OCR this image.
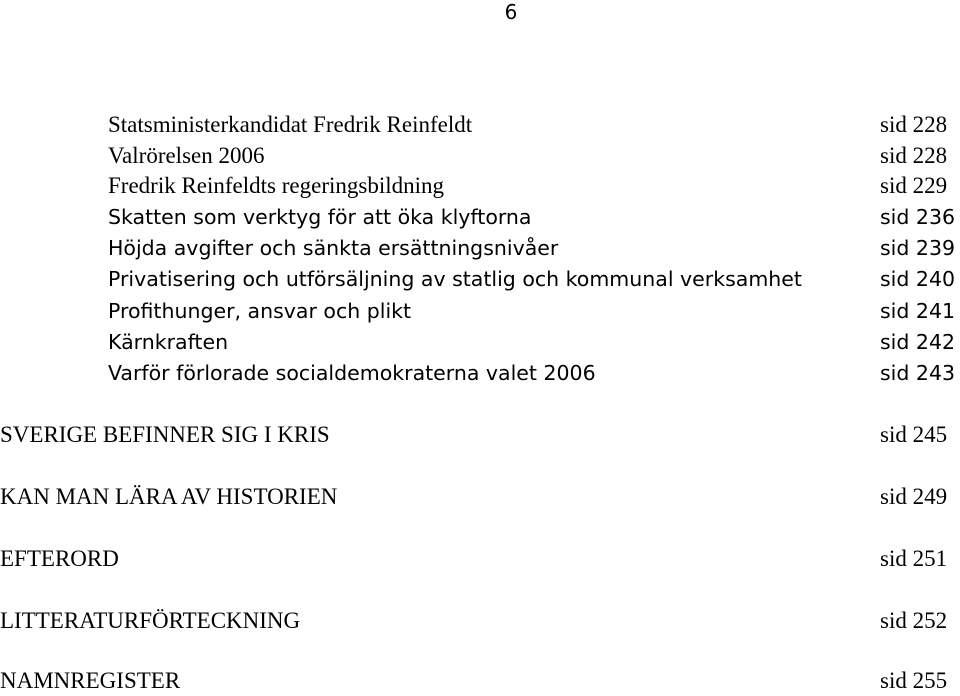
6
Statsministerkandidat Fredrik Reinfeldt	sid 228
Valrörelsen 2006	sid 228
Fredrik Reinfeldts regeringsbildning	sid 229
Skatten som verktyg för att öka klyftorna	sid 236
Höjda avgifter och sänkta ersättningsnivåer	sid 239
Privatisering och utförsäljning av statlig och kommunal verksamhet	sid 240
Profithunger, ansvar och plikt	sid 241
Kärnkraften	sid 242
Varför förlorade socialdemokraterna valet 2006	sid 243
SVERIGE BEFINNER SIG I KRIS	sid 245
KAN MAN LÄRA AV HISTORIEN	sid 249
EFTERORD	sid 251
LITTERATURFÖRTECKNING	sid 252
NAMNREGISTER	sid 255
